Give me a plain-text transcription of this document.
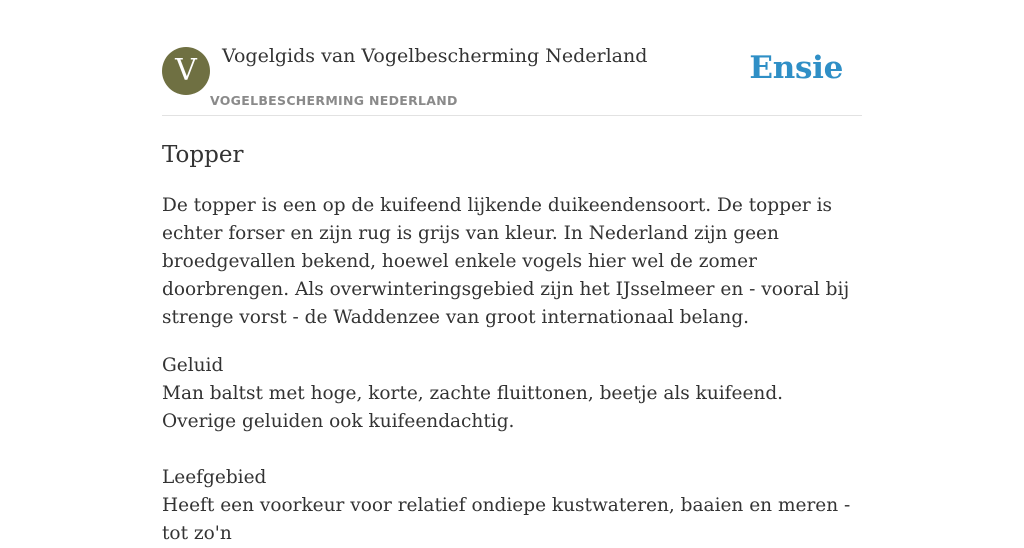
V	Vogelgids van Vogelbescherming Nederland
VOGELBESCHERMING NEDERLAND
Ensie
Topper

De topper is een op de kuifeend lijkende duikeendensoort. De topper is echter forser en zijn rug is grijs van kleur. In Nederland zijn geen broedgevallen bekend, hoewel enkele vogels hier wel de zomer doorbrengen. Als overwinteringsgebied zijn het IJsselmeer en - vooral bij strenge vorst - de Waddenzee van groot internationaal belang.

Geluid
Man baltst met hoge, korte, zachte fluittonen, beetje als kuifeend. Overige geluiden ook kuifeendachtig.

Leefgebied
Heeft een voorkeur voor relatief ondiepe kustwateren, baaien en meren - tot zo'n
